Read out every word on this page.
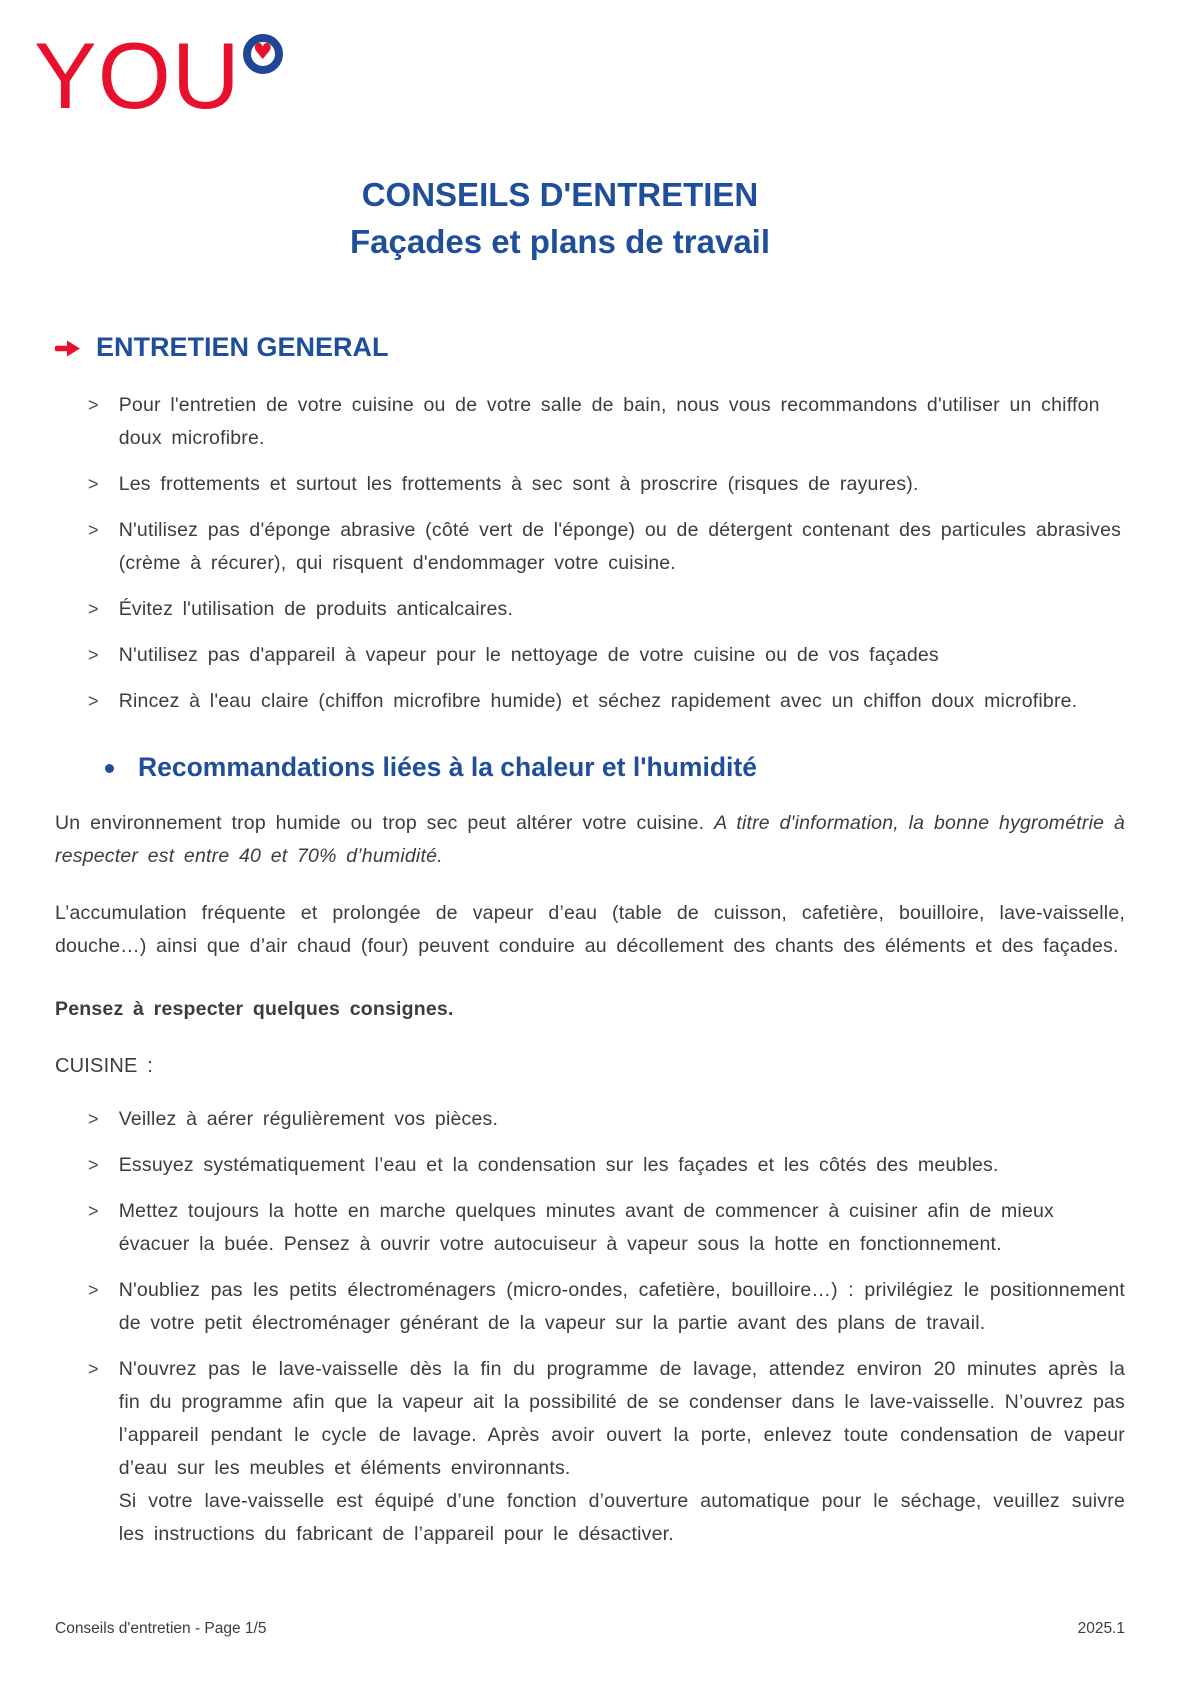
YOU ♥
CONSEILS D'ENTRETIEN
Façades et plans de travail
ENTRETIEN GENERAL
> Pour l'entretien de votre cuisine ou de votre salle de bain, nous vous recommandons d'utiliser un chiffon doux microfibre.
> Les frottements et surtout les frottements à sec sont à proscrire (risques de rayures).
> N'utilisez pas d'éponge abrasive (côté vert de l'éponge) ou de détergent contenant des particules abrasives (crème à récurer), qui risquent d'endommager votre cuisine.
> Évitez l'utilisation de produits anticalcaires.
> N'utilisez pas d'appareil à vapeur pour le nettoyage de votre cuisine ou de vos façades
> Rincez à l'eau claire (chiffon microfibre humide) et séchez rapidement avec un chiffon doux microfibre.
Recommandations liées à la chaleur et l'humidité
Un environnement trop humide ou trop sec peut altérer votre cuisine. A titre d'information, la bonne hygrométrie à respecter est entre 40 et 70% d’humidité.
L’accumulation fréquente et prolongée de vapeur d’eau (table de cuisson, cafetière, bouilloire, lave-vaisselle, douche…) ainsi que d’air chaud (four) peuvent conduire au décollement des chants des éléments et des façades.
Pensez à respecter quelques consignes.
CUISINE :
> Veillez à aérer régulièrement vos pièces.
> Essuyez systématiquement l’eau et la condensation sur les façades et les côtés des meubles.
> Mettez toujours la hotte en marche quelques minutes avant de commencer à cuisiner afin de mieux évacuer la buée. Pensez à ouvrir votre autocuiseur à vapeur sous la hotte en fonctionnement.
> N'oubliez pas les petits électroménagers (micro-ondes, cafetière, bouilloire…) : privilégiez le positionnement de votre petit électroménager générant de la vapeur sur la partie avant des plans de travail.
> N'ouvrez pas le lave-vaisselle dès la fin du programme de lavage, attendez environ 20 minutes après la fin du programme afin que la vapeur ait la possibilité de se condenser dans le lave-vaisselle. N’ouvrez pas l’appareil pendant le cycle de lavage. Après avoir ouvert la porte, enlevez toute condensation de vapeur d’eau sur les meubles et éléments environnants.
Si votre lave-vaisselle est équipé d’une fonction d’ouverture automatique pour le séchage, veuillez suivre les instructions du fabricant de l’appareil pour le désactiver.
Conseils d'entretien - Page 1/5	2025.1
